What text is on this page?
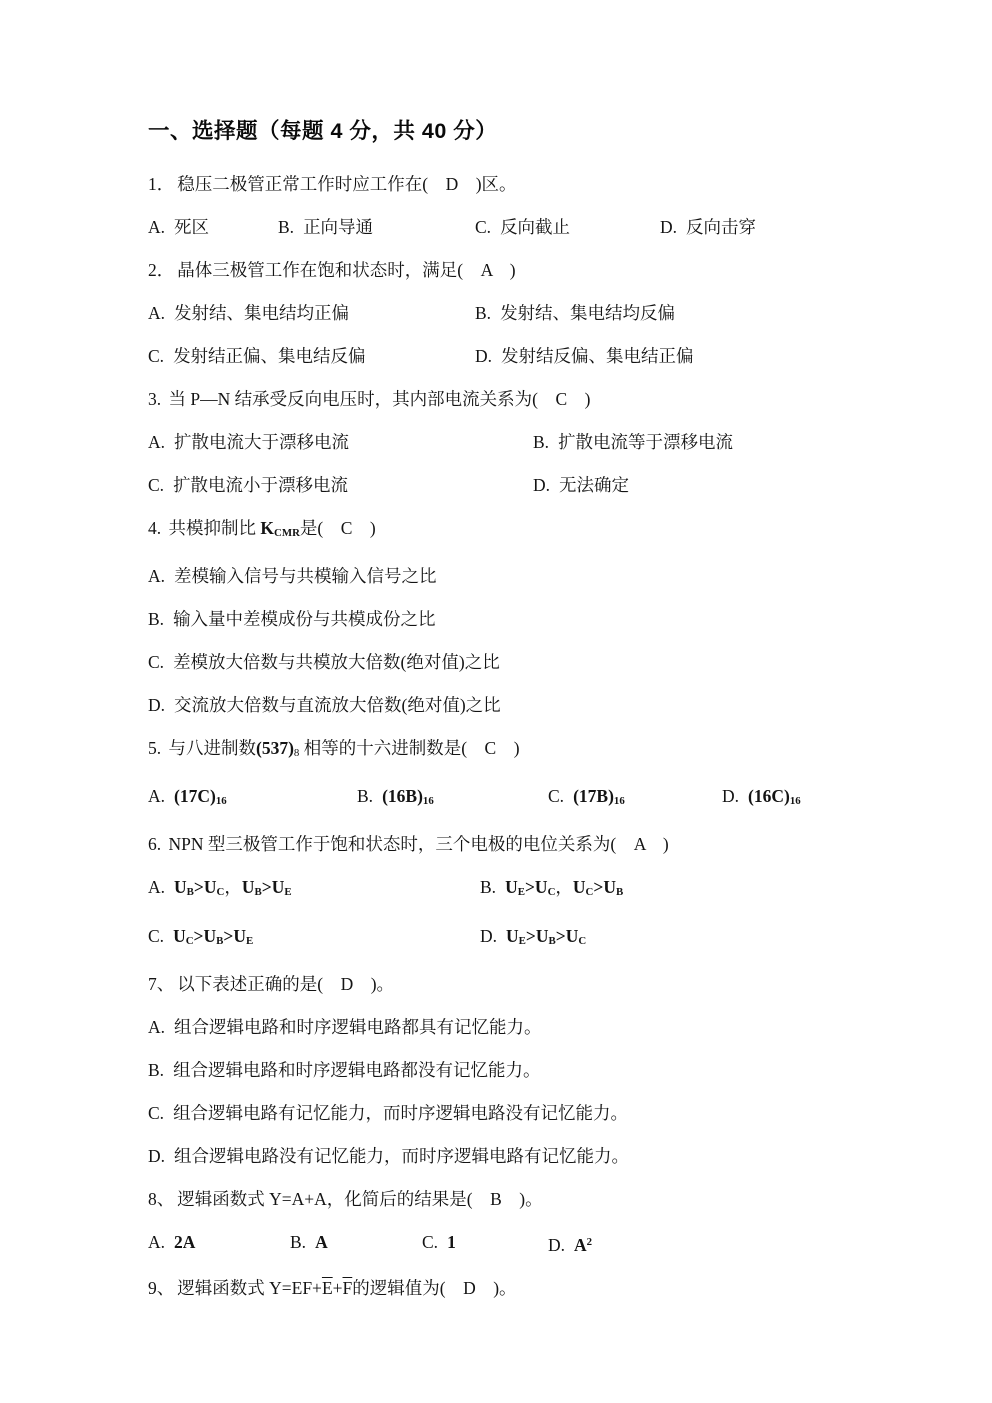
一、选择题（每题 4 分，共 40 分）

1． 稳压二极管正常工作时应工作在(　D　)区。

A. 死区	B. 正向导通	C. 反向截止	D. 反向击穿

2． 晶体三极管工作在饱和状态时，满足(　A　)

A. 发射结、集电结均正偏	B. 发射结、集电结均反偏

C. 发射结正偏、集电结反偏	D. 发射结反偏、集电结正偏

3. 当 P—N 结承受反向电压时，其内部电流关系为(　C　)

A. 扩散电流大于漂移电流	B. 扩散电流等于漂移电流

C. 扩散电流小于漂移电流	D. 无法确定

4. 共模抑制比 $K_{CMR}$是(　C　)

A. 差模输入信号与共模输入信号之比

B. 输入量中差模成份与共模成份之比

C. 差模放大倍数与共模放大倍数(绝对值)之比

D. 交流放大倍数与直流放大倍数(绝对值)之比

5. 与八进制数$(537)_8$ 相等的十六进制数是(　C　)

A. $(17C)_{16}$	B. $(16B)_{16}$	C. $(17B)_{16}$	D. $(16C)_{16}$

6. NPN 型三极管工作于饱和状态时，三个电极的电位关系为(　A　)

A. $U_B>U_C$，$U_B>U_E$	B. $U_E>U_C$，$U_C>U_B$

C. $U_C>U_B>U_E$	D. $U_E>U_B>U_C$

7、 以下表述正确的是(　D　)。

A. 组合逻辑电路和时序逻辑电路都具有记忆能力。

B. 组合逻辑电路和时序逻辑电路都没有记忆能力。

C. 组合逻辑电路有记忆能力，而时序逻辑电路没有记忆能力。

D. 组合逻辑电路没有记忆能力，而时序逻辑电路有记忆能力。

8、 逻辑函数式 Y=A+A，化简后的结果是(　B　)。

A. 2A	B. A	C. 1	D. $A^2$

9、 逻辑函数式 $Y=EF+\overline{E}+\overline{F}$的逻辑值为(　D　)。
